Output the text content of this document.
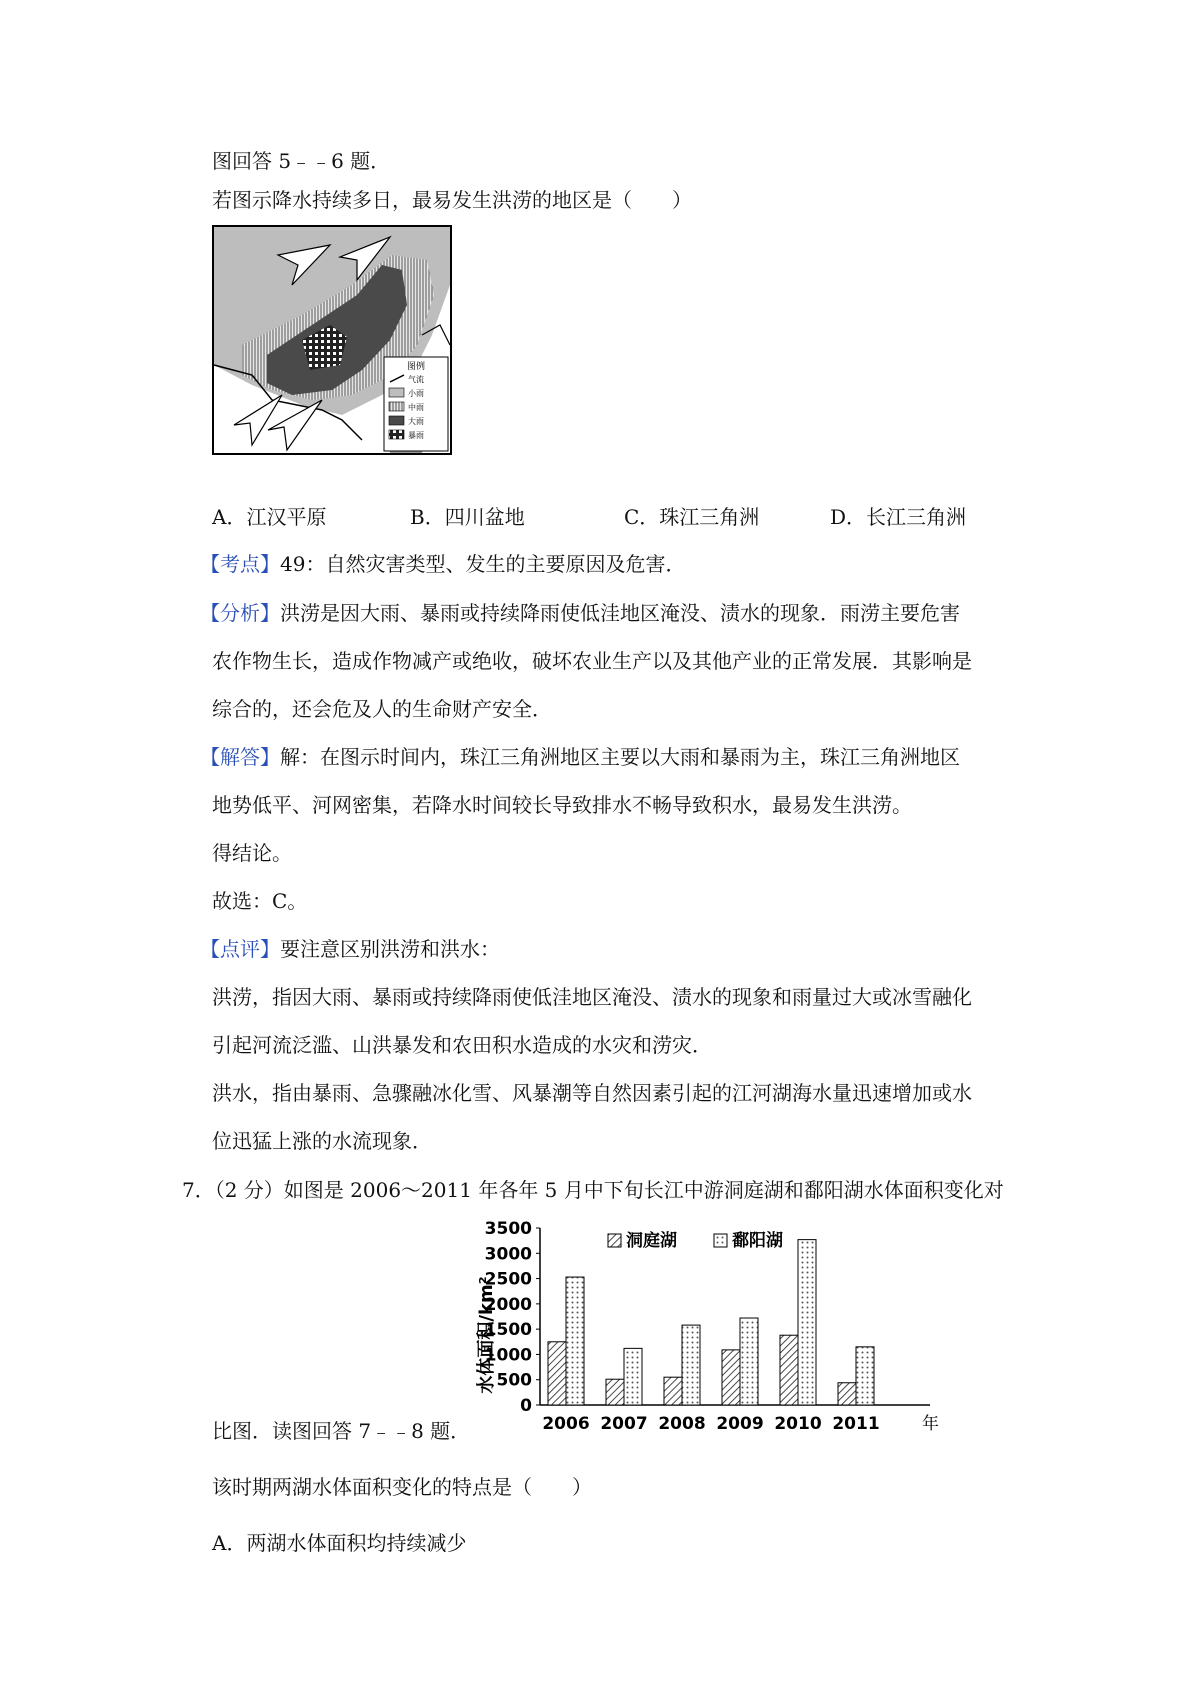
图回答 5﹣﹣6 题．
若图示降水持续多日，最易发生洪涝的地区是（　　）
图例
气流
小雨
中雨
大雨
暴雨
A．江汉平原	B．四川盆地	C．珠江三角洲	D．长江三角洲
【考点】49：自然灾害类型、发生的主要原因及危害．
【分析】洪涝是因大雨、暴雨或持续降雨使低洼地区淹没、渍水的现象．雨涝主要危害
农作物生长，造成作物减产或绝收，破坏农业生产以及其他产业的正常发展．其影响是
综合的，还会危及人的生命财产安全．
【解答】解：在图示时间内，珠江三角洲地区主要以大雨和暴雨为主，珠江三角洲地区
地势低平、河网密集，若降水时间较长导致排水不畅导致积水，最易发生洪涝。
得结论。
故选：C。
【点评】要注意区别洪涝和洪水：
洪涝，指因大雨、暴雨或持续降雨使低洼地区淹没、渍水的现象和雨量过大或冰雪融化
引起河流泛滥、山洪暴发和农田积水造成的水灾和涝灾．
洪水，指由暴雨、急骤融冰化雪、风暴潮等自然因素引起的江河湖海水量迅速增加或水
位迅猛上涨的水流现象．
7．（2 分）如图是 2006～2011 年各年 5 月中下旬长江中游洞庭湖和鄱阳湖水体面积变化对
水体面积/km²
0
500
1000
1500
2000
2500
3000
3500
2006 2007 2008 2009 2010 2011 年
洞庭湖	鄱阳湖
比图．读图回答 7﹣﹣8 题．
该时期两湖水体面积变化的特点是（　　）
A．两湖水体面积均持续减少
